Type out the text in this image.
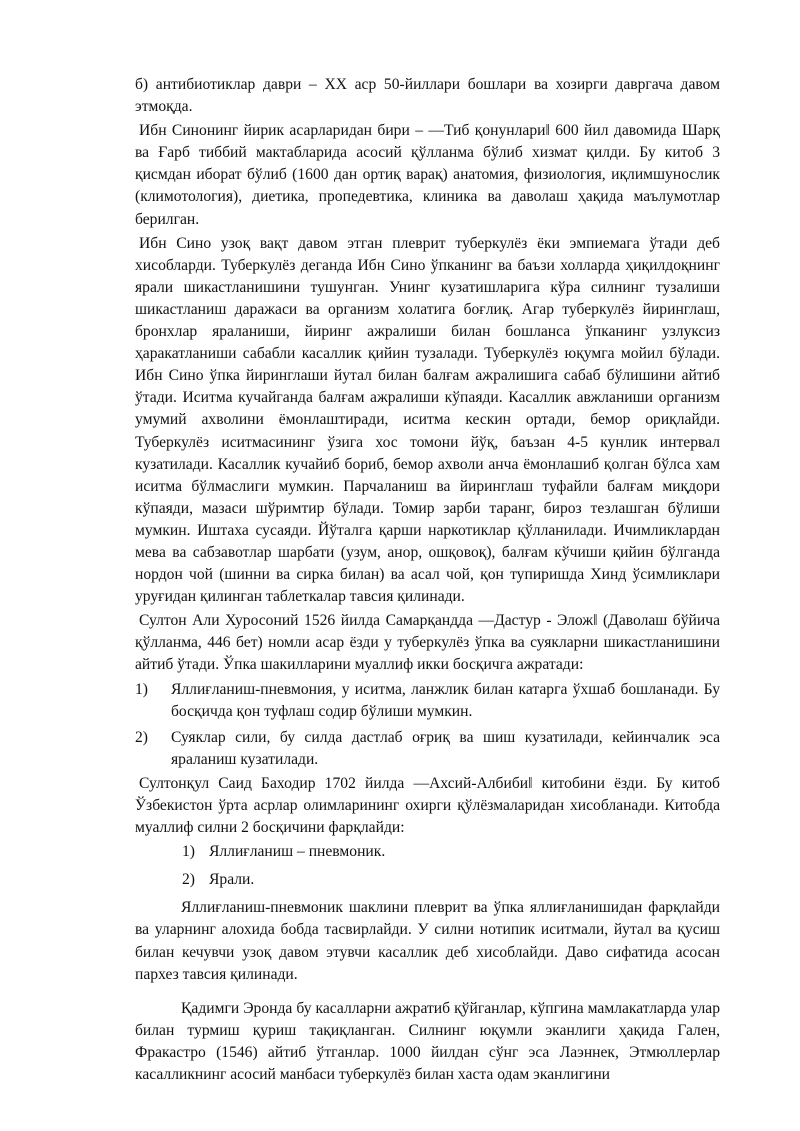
б) антибиотиклар даври – XX аср 50-йиллари бошлари ва хозирги давргача давом этмоқда.

Ибн Синонинг йирик асарларидан бири – ―Тиб қонунлари‖ 600 йил давомида Шарқ ва Ғарб тиббий мактабларида асосий қўлланма бўлиб хизмат қилди. Бу китоб 3 қисмдан иборат бўлиб (1600 дан ортиқ варақ) анатомия, физиология, иқлимшунослик (климотология), диетика, пропедевтика, клиника ва даволаш ҳақида маълумотлар берилган.

Ибн Сино узоқ вақт давом этган плеврит туберкулёз ёки эмпиемага ўтади деб хисобларди. Туберкулёз деганда Ибн Сино ўпканинг ва баъзи холларда ҳиқилдоқнинг ярали шикастланишини тушунган. Унинг кузатишларига кўра силнинг тузалиши шикастланиш даражаси ва организм холатига боғлиқ. Агар туберкулёз йиринглаш, бронхлар яраланиши, йиринг ажралиши билан бошланса ўпканинг узлуксиз ҳаракатланиши сабабли касаллик қийин тузалади. Туберкулёз юқумга мойил бўлади. Ибн Сино ўпка йиринглаши йутал билан балғам ажралишига сабаб бўлишини айтиб ўтади. Иситма кучайганда балғам ажралиши кўпаяди. Касаллик авжланиши организм умумий ахволини ёмонлаштиради, иситма кескин ортади, бемор ориқлайди. Туберкулёз иситмасининг ўзига хос томони йўқ, баъзан 4-5 кунлик интервал кузатилади. Касаллик кучайиб бориб, бемор ахволи анча ёмонлашиб қолган бўлса хам иситма бўлмаслиги мумкин. Парчаланиш ва йиринглаш туфайли балғам миқдори кўпаяди, мазаси шўримтир бўлади. Томир зарби таранг, бироз тезлашган бўлиши мумкин. Иштаха сусаяди. Йўталга қарши наркотиклар қўлланилади. Ичимликлардан мева ва сабзавотлар шарбати (узум, анор, ошқовоқ), балғам кўчиши қийин бўлганда нордон чой (шинни ва сирка билан) ва асал чой, қон тупиришда Хинд ўсимликлари уруғидан қилинган таблеткалар тавсия қилинади.

Султон Али Хуросоний 1526 йилда Самарқандда ―Дастур - Элож‖ (Даволаш бўйича қўлланма, 446 бет) номли асар ёзди у туберкулёз ўпка ва суякларни шикастланишини айтиб ўтади. Ўпка шакилларини муаллиф икки босқичга ажратади:

1) Яллиғланиш-пневмония, у иситма, ланжлик билан катарга ўхшаб бошланади. Бу босқичда қон туфлаш содир бўлиши мумкин.

2) Суяклар сили, бу силда дастлаб оғриқ ва шиш кузатилади, кейинчалик эса яраланиш кузатилади.

Султонқул Саид Баходир 1702 йилда ―Ахсий-Албиби‖ китобини ёзди. Бу китоб Ўзбекистон ўрта асрлар олимларининг охирги қўлёзмаларидан хисобланади. Китобда муаллиф силни 2 босқичини фарқлайди:

1) Яллиғланиш – пневмоник.

2) Ярали.

Яллиғланиш-пневмоник шаклини плеврит ва ўпка яллиғланишидан фарқлайди ва уларнинг алохида бобда тасвирлайди. У силни нотипик иситмали, йутал ва қусиш билан кечувчи узоқ давом этувчи касаллик деб хисоблайди. Даво сифатида асосан пархез тавсия қилинади.

Қадимги Эронда бу касалларни ажратиб қўйганлар, кўпгина мамлакатларда улар билан турмиш қуриш тақиқланган. Силнинг юқумли эканлиги ҳақида Гален, Фракастро (1546) айтиб ўтганлар. 1000 йилдан сўнг эса Лаэннек, Этмюллерлар касалликнинг асосий манбаси туберкулёз билан хаста одам эканлигини
